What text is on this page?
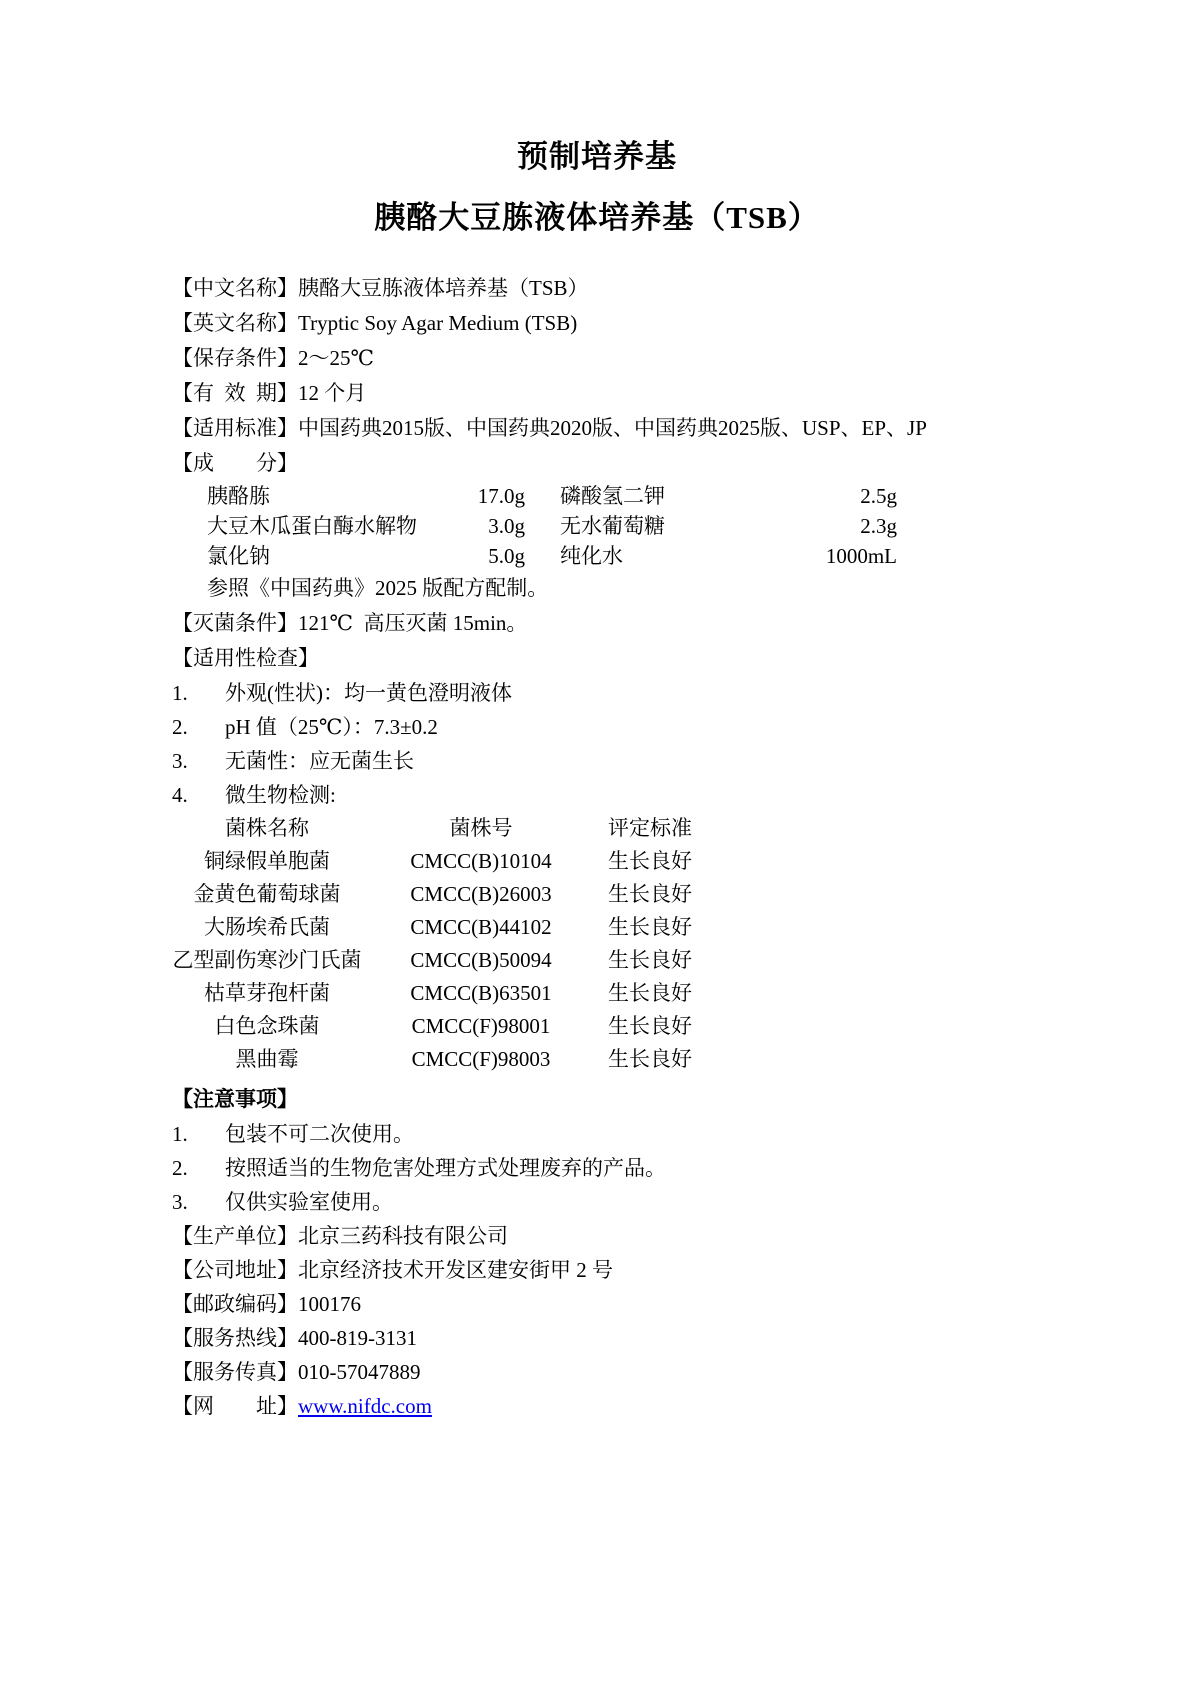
预制培养基
胰酪大豆胨液体培养基（TSB）
【中文名称】胰酪大豆胨液体培养基（TSB）
【英文名称】Tryptic Soy Agar Medium (TSB)
【保存条件】2～25℃
【有 效 期】12 个月
【适用标准】中国药典2015版、中国药典2020版、中国药典2025版、USP、EP、JP
【成　　分】
胰酪胨	17.0g	磷酸氢二钾	2.5g
大豆木瓜蛋白酶水解物	3.0g	无水葡萄糖	2.3g
氯化钠	5.0g	纯化水	1000mL
参照《中国药典》2025 版配方配制。
【灭菌条件】121℃  高压灭菌 15min。
【适用性检查】
1.	外观(性状)：均一黄色澄明液体
2.	pH 值（25℃）：7.3±0.2
3.	无菌性：应无菌生长
4.	微生物检测:
菌株名称	菌株号	评定标准
铜绿假单胞菌	CMCC(B)10104	生长良好
金黄色葡萄球菌	CMCC(B)26003	生长良好
大肠埃希氏菌	CMCC(B)44102	生长良好
乙型副伤寒沙门氏菌	CMCC(B)50094	生长良好
枯草芽孢杆菌	CMCC(B)63501	生长良好
白色念珠菌	CMCC(F)98001	生长良好
黑曲霉	CMCC(F)98003	生长良好
【注意事项】
1.	包装不可二次使用。
2.	按照适当的生物危害处理方式处理废弃的产品。
3.	仅供实验室使用。
【生产单位】北京三药科技有限公司
【公司地址】北京经济技术开发区建安街甲 2 号
【邮政编码】100176
【服务热线】400-819-3131
【服务传真】010-57047889
【网　　址】www.nifdc.com
